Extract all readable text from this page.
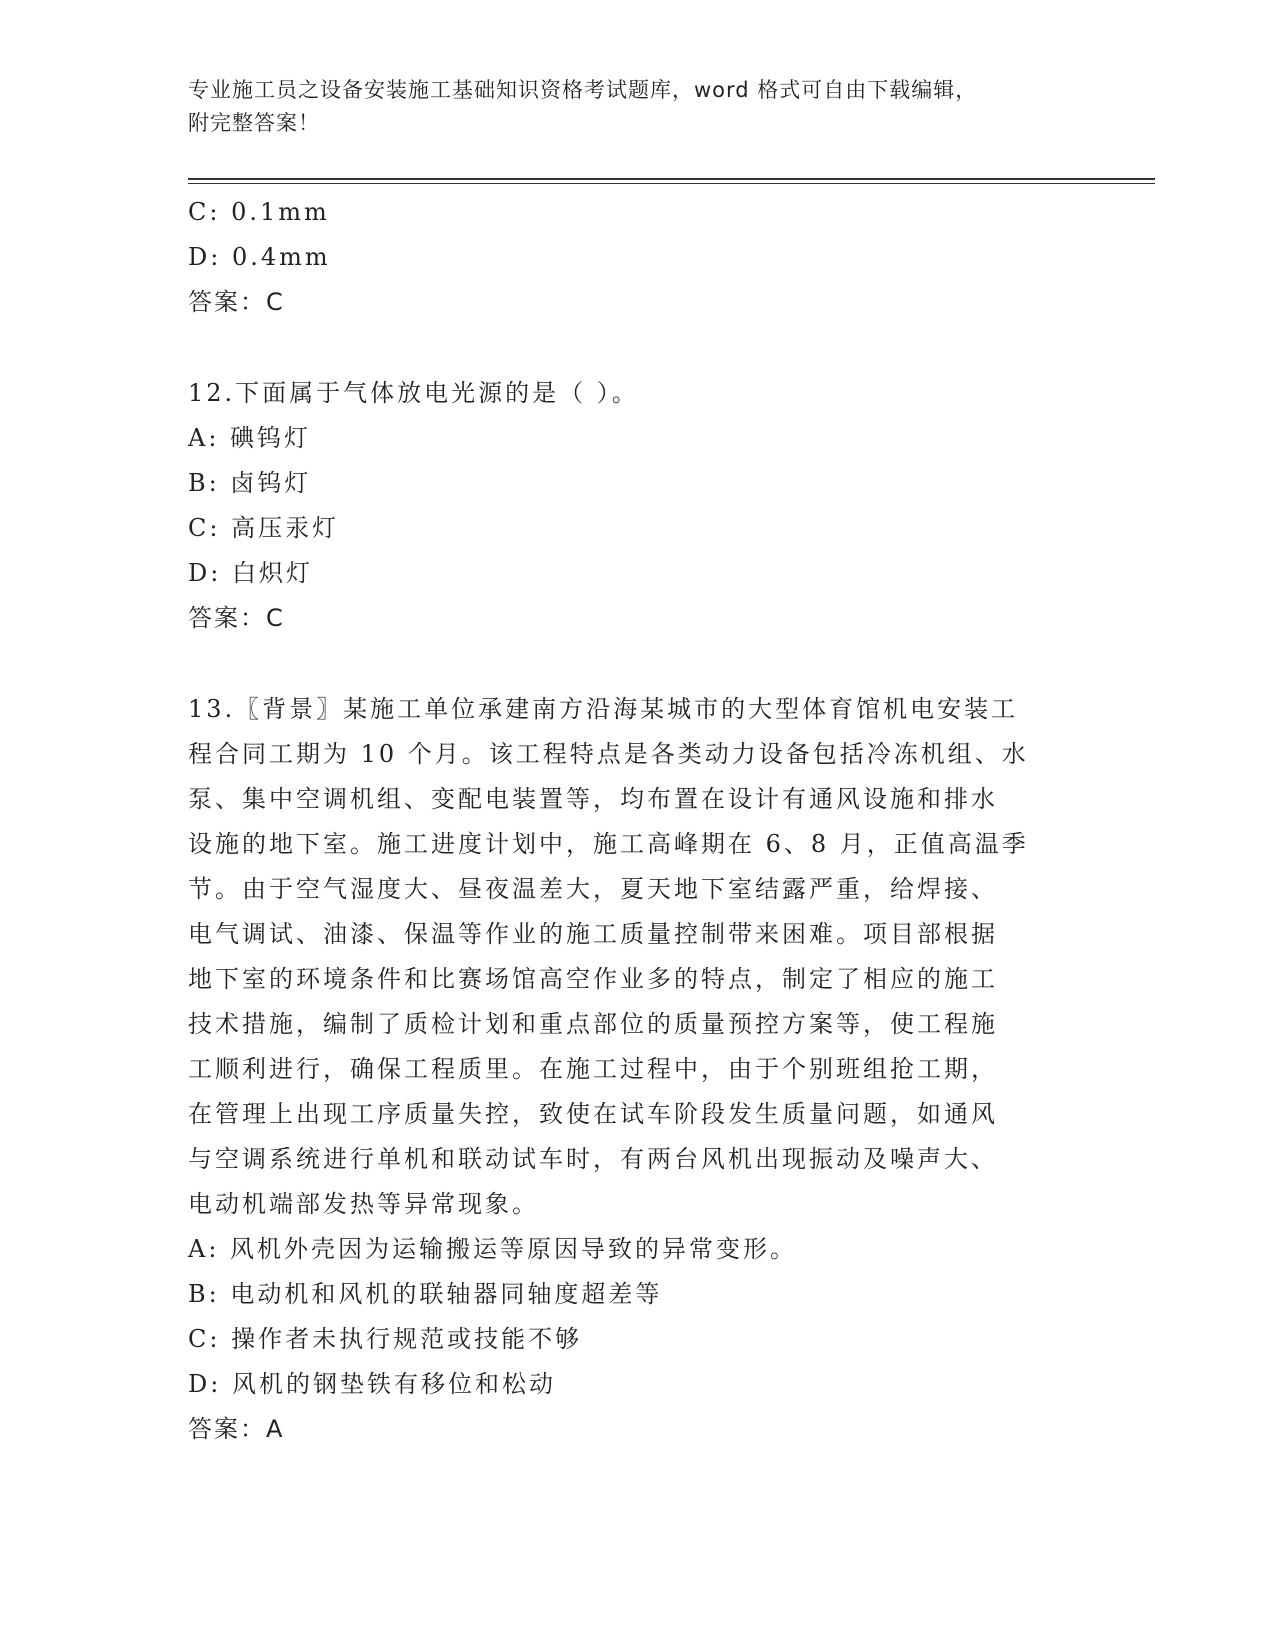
专业施工员之设备安装施工基础知识资格考试题库，word 格式可自由下载编辑，
附完整答案！
C: 0.1mm
D: 0.4mm
答案：C
12.下面属于气体放电光源的是（ ）。
A: 碘钨灯
B: 卤钨灯
C: 高压汞灯
D: 白炽灯
答案：C
13.〖背景〗某施工单位承建南方沿海某城市的大型体育馆机电安装工
程合同工期为 10 个月。该工程特点是各类动力设备包括冷冻机组、水
泵、集中空调机组、变配电装置等，均布置在设计有通风设施和排水
设施的地下室。施工进度计划中，施工高峰期在 6、8 月，正值高温季
节。由于空气湿度大、昼夜温差大，夏天地下室结露严重，给焊接、
电气调试、油漆、保温等作业的施工质量控制带来困难。项目部根据
地下室的环境条件和比赛场馆高空作业多的特点，制定了相应的施工
技术措施，编制了质检计划和重点部位的质量预控方案等，使工程施
工顺利进行，确保工程质里。在施工过程中，由于个别班组抢工期，
在管理上出现工序质量失控，致使在试车阶段发生质量问题，如通风
与空调系统进行单机和联动试车时，有两台风机出现振动及噪声大、
电动机端部发热等异常现象。
A: 风机外壳因为运输搬运等原因导致的异常变形。
B: 电动机和风机的联轴器同轴度超差等
C: 操作者未执行规范或技能不够
D: 风机的钢垫铁有移位和松动
答案：A
